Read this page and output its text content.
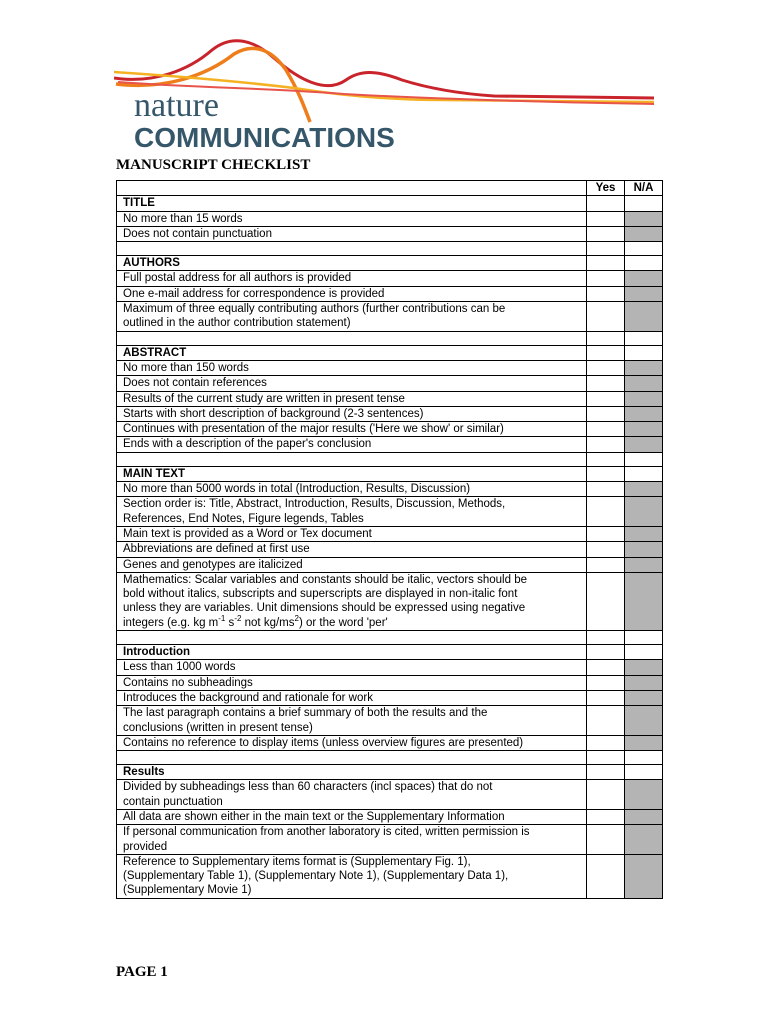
nature
COMMUNICATIONS
MANUSCRIPT CHECKLIST
	Yes	N/A
TITLE		

No more than 15 words		

Does not contain punctuation		

AUTHORS		

Full postal address for all authors is provided		

One e-mail address for correspondence is provided		

Maximum of three equally contributing authors (further contributions can be
outlined in the author contribution statement)		

ABSTRACT		

No more than 150 words		

Does not contain references		

Results of the current study are written in present tense		

Starts with short description of background (2-3 sentences)		

Continues with presentation of the major results ('Here we show' or similar)		

Ends with a description of the paper's conclusion		

MAIN TEXT		

No more than 5000 words in total (Introduction, Results, Discussion)		

Section order is: Title, Abstract, Introduction, Results, Discussion, Methods,
References, End Notes, Figure legends, Tables		

Main text is provided as a Word or Tex document		

Abbreviations are defined at first use		

Genes and genotypes are italicized		

Mathematics: Scalar variables and constants should be italic, vectors should be
bold without italics, subscripts and superscripts are displayed in non-italic font
unless they are variables. Unit dimensions should be expressed using negative
integers (e.g. kg $m^{-1}$ $s^{-2}$ not $kg/ms^2$) or the word 'per'		

Introduction		

Less than 1000 words		

Contains no subheadings		

Introduces the background and rationale for work		

The last paragraph contains a brief summary of both the results and the
conclusions (written in present tense)		

Contains no reference to display items (unless overview figures are presented)		

Results		

Divided by subheadings less than 60 characters (incl spaces) that do not
contain punctuation		

All data are shown either in the main text or the Supplementary Information		

If personal communication from another laboratory is cited, written permission is
provided		

Reference to Supplementary items format is (Supplementary Fig. 1),
(Supplementary Table 1), (Supplementary Note 1), (Supplementary Data 1),
(Supplementary Movie 1)		

PAGE 1
